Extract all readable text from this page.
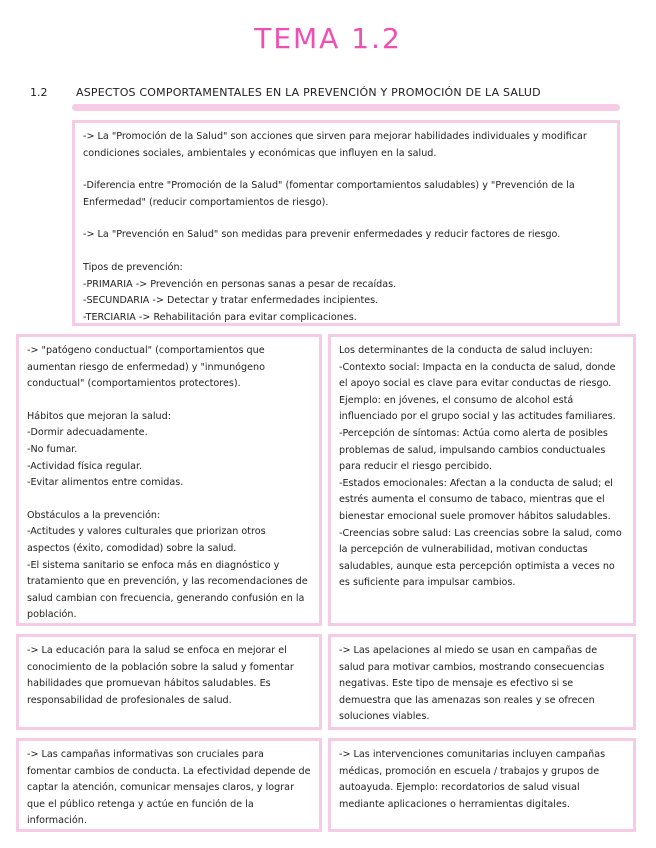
TEMA 1.2
1.2	ASPECTOS COMPORTAMENTALES EN LA PREVENCIÓN Y PROMOCIÓN DE LA SALUD

-> La "Promoción de la Salud" son acciones que sirven para mejorar habilidades individuales y modificar condiciones sociales, ambientales y económicas que influyen en la salud.

-Diferencia entre "Promoción de la Salud" (fomentar comportamientos saludables) y "Prevención de la Enfermedad" (reducir comportamientos de riesgo).

-> La "Prevención en Salud" son medidas para prevenir enfermedades y reducir factores de riesgo.

Tipos de prevención:
-PRIMARIA -> Prevención en personas sanas a pesar de recaídas.
-SECUNDARIA -> Detectar y tratar enfermedades incipientes.
-TERCIARIA -> Rehabilitación para evitar complicaciones.

-> "patógeno conductual" (comportamientos que aumentan riesgo de enfermedad) y "inmunógeno conductual" (comportamientos protectores).

Hábitos que mejoran la salud:
-Dormir adecuadamente.
-No fumar.
-Actividad física regular.
-Evitar alimentos entre comidas.

Obstáculos a la prevención:
-Actitudes y valores culturales que priorizan otros aspectos (éxito, comodidad) sobre la salud.
-El sistema sanitario se enfoca más en diagnóstico y tratamiento que en prevención, y las recomendaciones de salud cambian con frecuencia, generando confusión en la población.

Los determinantes de la conducta de salud incluyen:
-Contexto social: Impacta en la conducta de salud, donde el apoyo social es clave para evitar conductas de riesgo. Ejemplo: en jóvenes, el consumo de alcohol está influenciado por el grupo social y las actitudes familiares.
-Percepción de síntomas: Actúa como alerta de posibles problemas de salud, impulsando cambios conductuales para reducir el riesgo percibido.
-Estados emocionales: Afectan a la conducta de salud; el estrés aumenta el consumo de tabaco, mientras que el bienestar emocional suele promover hábitos saludables.
-Creencias sobre salud: Las creencias sobre la salud, como la percepción de vulnerabilidad, motivan conductas saludables, aunque esta percepción optimista a veces no es suficiente para impulsar cambios.

-> La educación para la salud se enfoca en mejorar el conocimiento de la población sobre la salud y fomentar habilidades que promuevan hábitos saludables. Es responsabilidad de profesionales de salud.

-> Las apelaciones al miedo se usan en campañas de salud para motivar cambios, mostrando consecuencias negativas. Este tipo de mensaje es efectivo si se demuestra que las amenazas son reales y se ofrecen soluciones viables.

-> Las campañas informativas son cruciales para fomentar cambios de conducta. La efectividad depende de captar la atención, comunicar mensajes claros, y lograr que el público retenga y actúe en función de la información.

-> Las intervenciones comunitarias incluyen campañas médicas, promoción en escuela / trabajos y grupos de autoayuda. Ejemplo: recordatorios de salud visual mediante aplicaciones o herramientas digitales.
